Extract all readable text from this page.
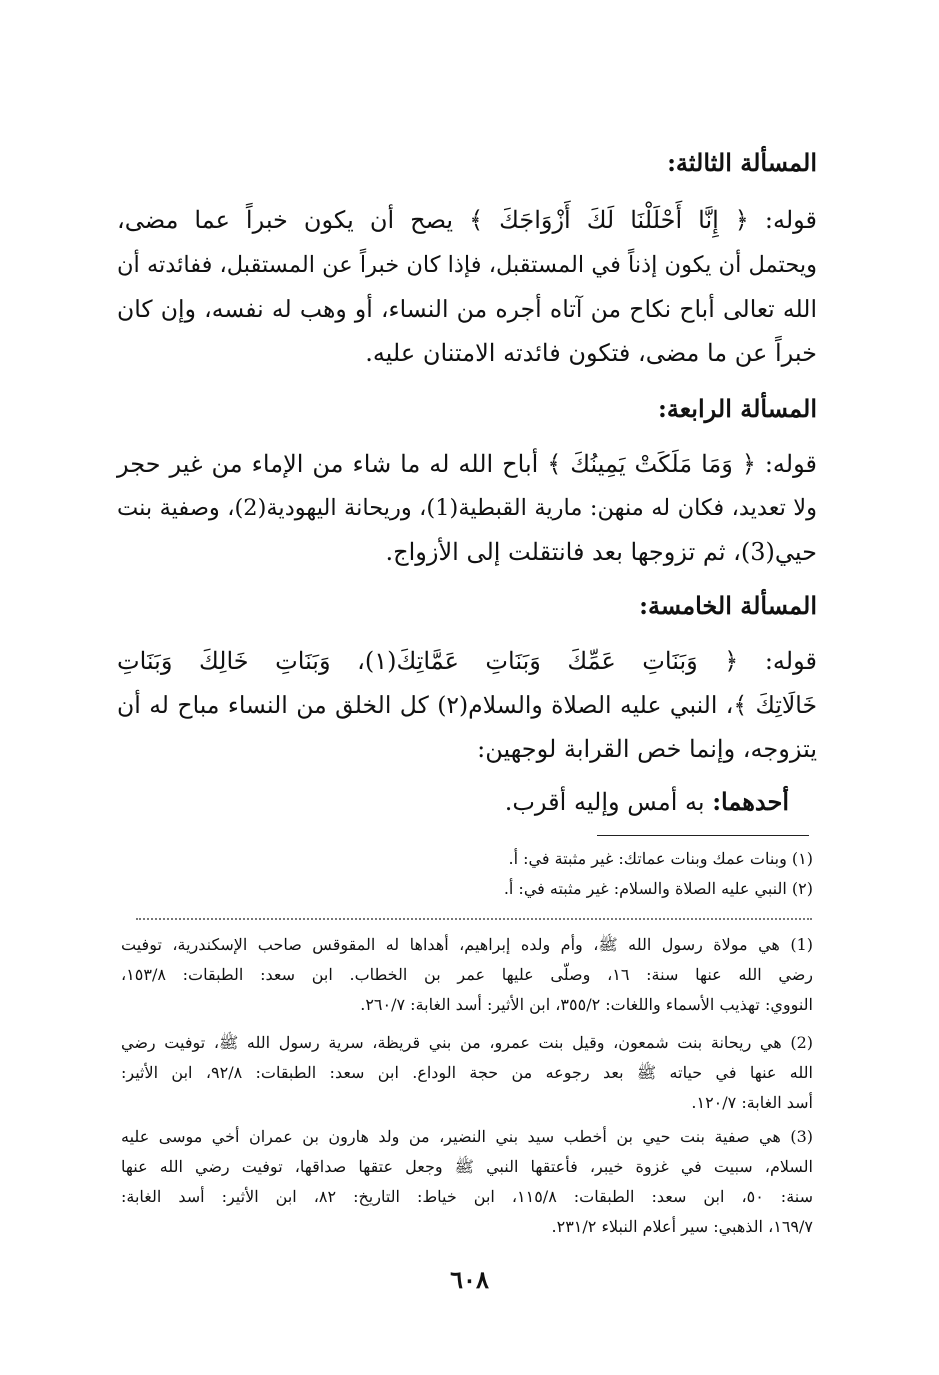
المسألة الثالثة:
قوله: ﴿ إِنَّا أَحْلَلْنَا لَكَ أَزْوَاجَكَ ﴾ يصح أن يكون خبراً عما مضى،
ويحتمل أن يكون إذناً في المستقبل، فإذا كان خبراً عن المستقبل، ففائدته أن
الله تعالى أباح نكاح من آتاه أجره من النساء، أو وهب له نفسه، وإن كان
خبراً عن ما مضى، فتكون فائدته الامتنان عليه.
المسألة الرابعة:
قوله: ﴿ وَمَا مَلَكَتْ يَمِينُكَ ﴾ أباح الله له ما شاء من الإماء من غير حجر
ولا تعديد، فكان له منهن: مارية القبطية(1)، وريحانة اليهودية(2)، وصفية بنت
حيي(3)، ثم تزوجها بعد فانتقلت إلى الأزواج.
المسألة الخامسة:
قوله: ﴿ وَبَنَاتِ عَمِّكَ وَبَنَاتِ عَمَّاتِكَ(١)، وَبَنَاتِ خَالِكَ وَبَنَاتِ
خَالَاتِكَ ﴾، النبي عليه الصلاة والسلام(٢) كل الخلق من النساء مباح له أن
يتزوجه، وإنما خص القرابة لوجهين:
أحدهما: به أمس وإليه أقرب.
(١) وبنات عمك وبنات عماتك: غير مثبتة في: أ.
(٢) النبي عليه الصلاة والسلام: غير مثبته في: أ.
(1) هي مولاة رسول الله ﷺ، وأم ولده إبراهيم، أهداها له المقوقس صاحب الإسكندرية، توفيت
رضي الله عنها سنة: ١٦، وصلّى عليها عمر بن الخطاب. ابن سعد: الطبقات: ١٥٣/٨،
النووي: تهذيب الأسماء واللغات: ٣٥٥/٢، ابن الأثير: أسد الغابة: ٢٦٠/٧.
(2) هي ريحانة بنت شمعون، وقيل بنت عمرو، من بني قريظة، سرية رسول الله ﷺ، توفيت رضي
الله عنها في حياته ﷺ بعد رجوعه من حجة الوداع. ابن سعد: الطبقات: ٩٢/٨، ابن الأثير:
أسد الغابة: ١٢٠/٧.
(3) هي صفية بنت حيي بن أخطب سيد بني النضير، من ولد هارون بن عمران أخي موسى عليه
السلام، سبيت في غزوة خيبر، فأعتقها النبي ﷺ وجعل عتقها صداقها، توفيت رضي الله عنها
سنة: ٥٠، ابن سعد: الطبقات: ١١٥/٨، ابن خياط: التاريخ: ٨٢، ابن الأثير: أسد الغابة:
١٦٩/٧، الذهبي: سير أعلام النبلاء ٢٣١/٢.
٦٠٨
